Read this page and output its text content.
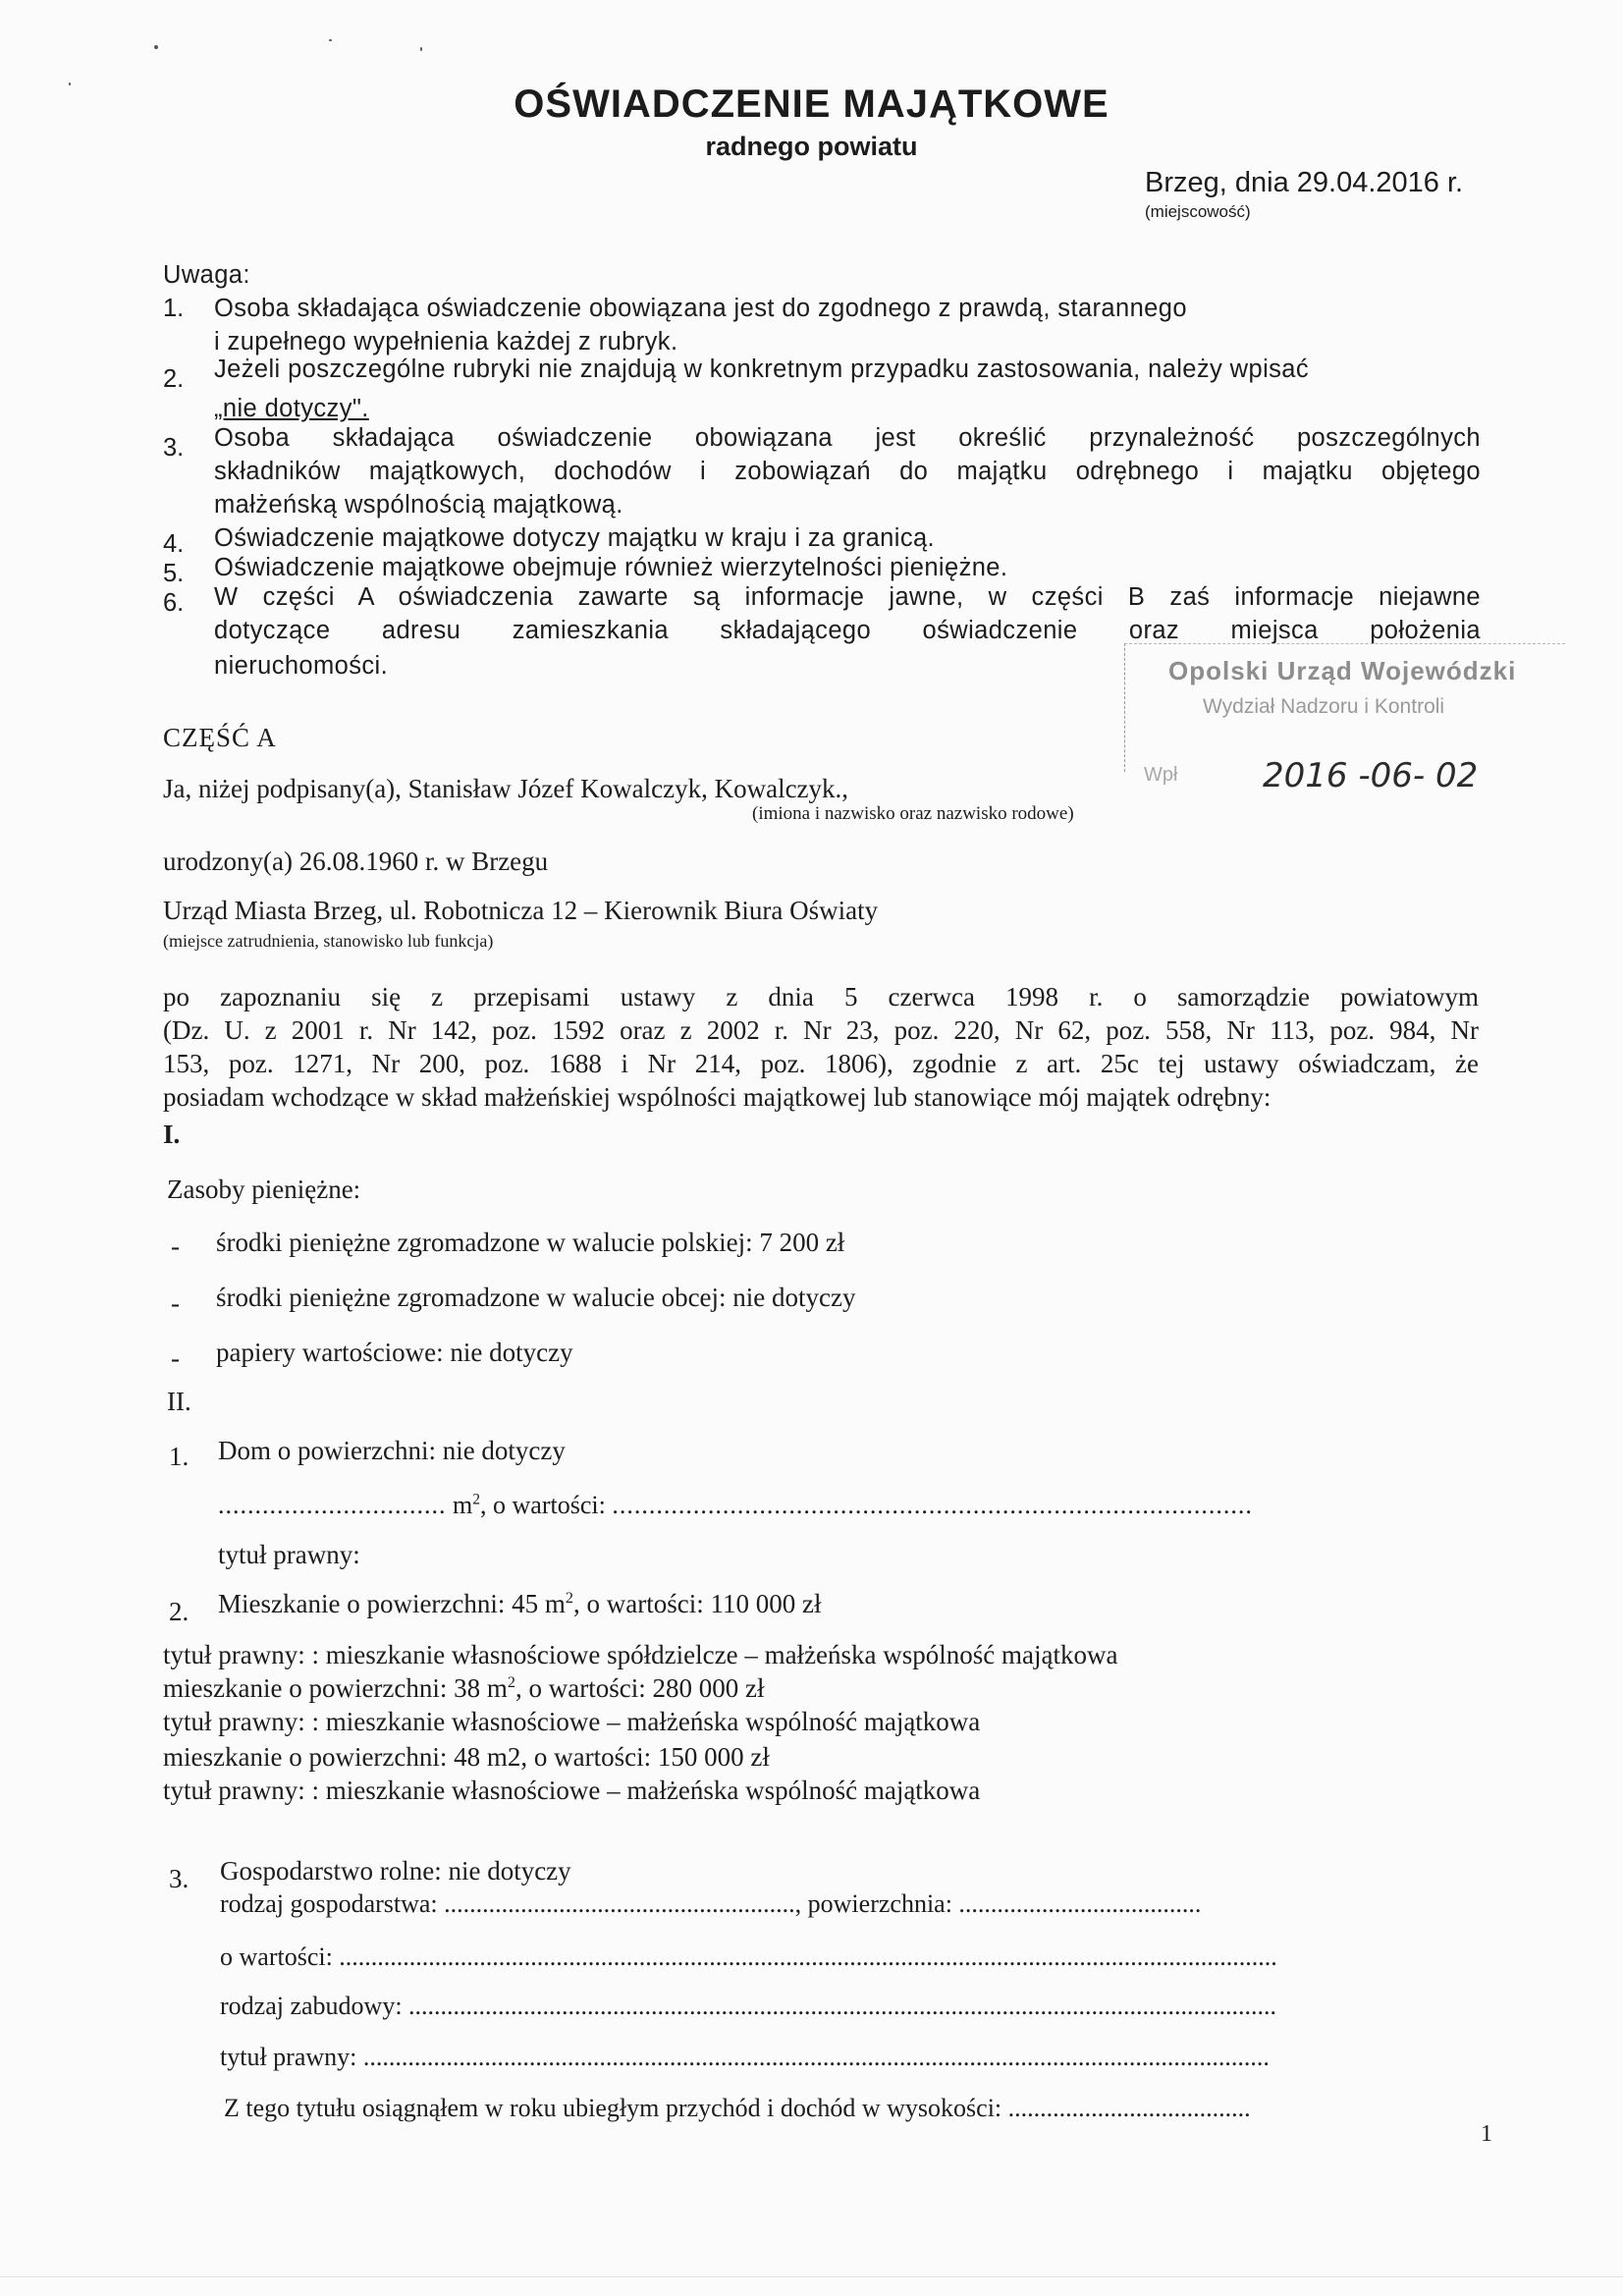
OŚWIADCZENIE MAJĄTKOWE
radnego powiatu
Brzeg, dnia 29.04.2016 r.
(miejscowość)
Uwaga:
1. Osoba składająca oświadczenie obowiązana jest do zgodnego z prawdą, starannego
i zupełnego wypełnienia każdej z rubryk.
2. Jeżeli poszczególne rubryki nie znajdują w konkretnym przypadku zastosowania, należy wpisać
„nie dotyczy".
3. Osoba składająca oświadczenie obowiązana jest określić przynależność poszczególnych
składników majątkowych, dochodów i zobowiązań do majątku odrębnego i majątku objętego
małżeńską wspólnością majątkową.
4. Oświadczenie majątkowe dotyczy majątku w kraju i za granicą.
5. Oświadczenie majątkowe obejmuje również wierzytelności pieniężne.
6. W części A oświadczenia zawarte są informacje jawne, w części B zaś informacje niejawne
dotyczące adresu zamieszkania składającego oświadczenie oraz miejsca położenia
nieruchomości.	Opolski Urząd Wojewódzki
Wydział Nadzoru i Kontroli
Wpł	2016 -06- 02
CZĘŚĆ A
Ja, niżej podpisany(a), Stanisław Józef Kowalczyk, Kowalczyk.,
(imiona i nazwisko oraz nazwisko rodowe)
urodzony(a) 26.08.1960 r. w Brzegu
Urząd Miasta Brzeg, ul. Robotnicza 12 – Kierownik Biura Oświaty
(miejsce zatrudnienia, stanowisko lub funkcja)
po zapoznaniu się z przepisami ustawy z dnia 5 czerwca 1998 r. o samorządzie powiatowym
(Dz. U. z 2001 r. Nr 142, poz. 1592 oraz z 2002 r. Nr 23, poz. 220, Nr 62, poz. 558, Nr 113, poz. 984, Nr
153, poz. 1271, Nr 200, poz. 1688 i Nr 214, poz. 1806), zgodnie z art. 25c tej ustawy oświadczam, że
posiadam wchodzące w skład małżeńskiej wspólności majątkowej lub stanowiące mój majątek odrębny:
I.
Zasoby pieniężne:
- środki pieniężne zgromadzone w walucie polskiej: 7 200 zł
- środki pieniężne zgromadzone w walucie obcej: nie dotyczy
- papiery wartościowe: nie dotyczy
II.
1. Dom o powierzchni: nie dotyczy
............................... $m^2$, o wartości: .......................................................................................
tytuł prawny:
2. Mieszkanie o powierzchni: 45 $m^2$, o wartości: 110 000 zł
tytuł prawny: : mieszkanie własnościowe spółdzielcze – małżeńska wspólność majątkowa
mieszkanie o powierzchni: 38 $m^2$, o wartości: 280 000 zł
tytuł prawny: : mieszkanie własnościowe – małżeńska wspólność majątkowa
mieszkanie o powierzchni: 48 m2, o wartości: 150 000 zł
tytuł prawny: : mieszkanie własnościowe – małżeńska wspólność majątkowa
3. Gospodarstwo rolne: nie dotyczy
rodzaj gospodarstwa: ......................................................., powierzchnia: ......................................
o wartości: ...................................................................................................................................................
rodzaj zabudowy: ........................................................................................................................................
tytuł prawny: ..............................................................................................................................................
Z tego tytułu osiągnąłem w roku ubiegłym przychód i dochód w wysokości: ......................................
1
